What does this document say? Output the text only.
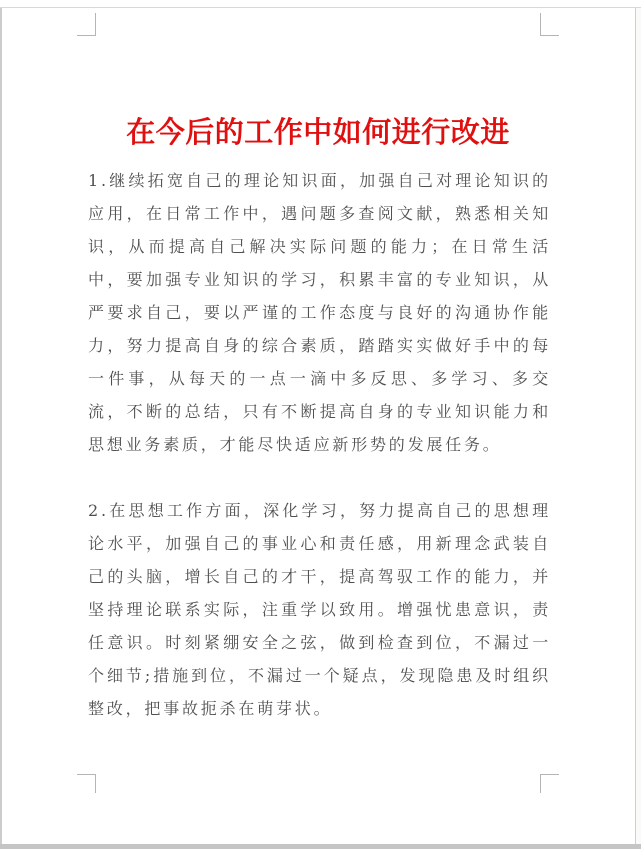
在今后的工作中如何进行改进

1.继续拓宽自己的理论知识面，加强自己对理论知识的应用，在日常工作中，遇问题多查阅文献，熟悉相关知识，从而提高自己解决实际问题的能力；在日常生活中，要加强专业知识的学习，积累丰富的专业知识，从严要求自己，要以严谨的工作态度与良好的沟通协作能力，努力提高自身的综合素质，踏踏实实做好手中的每一件事，从每天的一点一滴中多反思、多学习、多交流，不断的总结，只有不断提高自身的专业知识能力和思想业务素质，才能尽快适应新形势的发展任务。

2.在思想工作方面，深化学习，努力提高自己的思想理论水平，加强自己的事业心和责任感，用新理念武装自己的头脑，增长自己的才干，提高驾驭工作的能力，并坚持理论联系实际，注重学以致用。增强忧患意识，责任意识。时刻紧绷安全之弦，做到检查到位，不漏过一个细节;措施到位，不漏过一个疑点，发现隐患及时组织整改，把事故扼杀在萌芽状。
